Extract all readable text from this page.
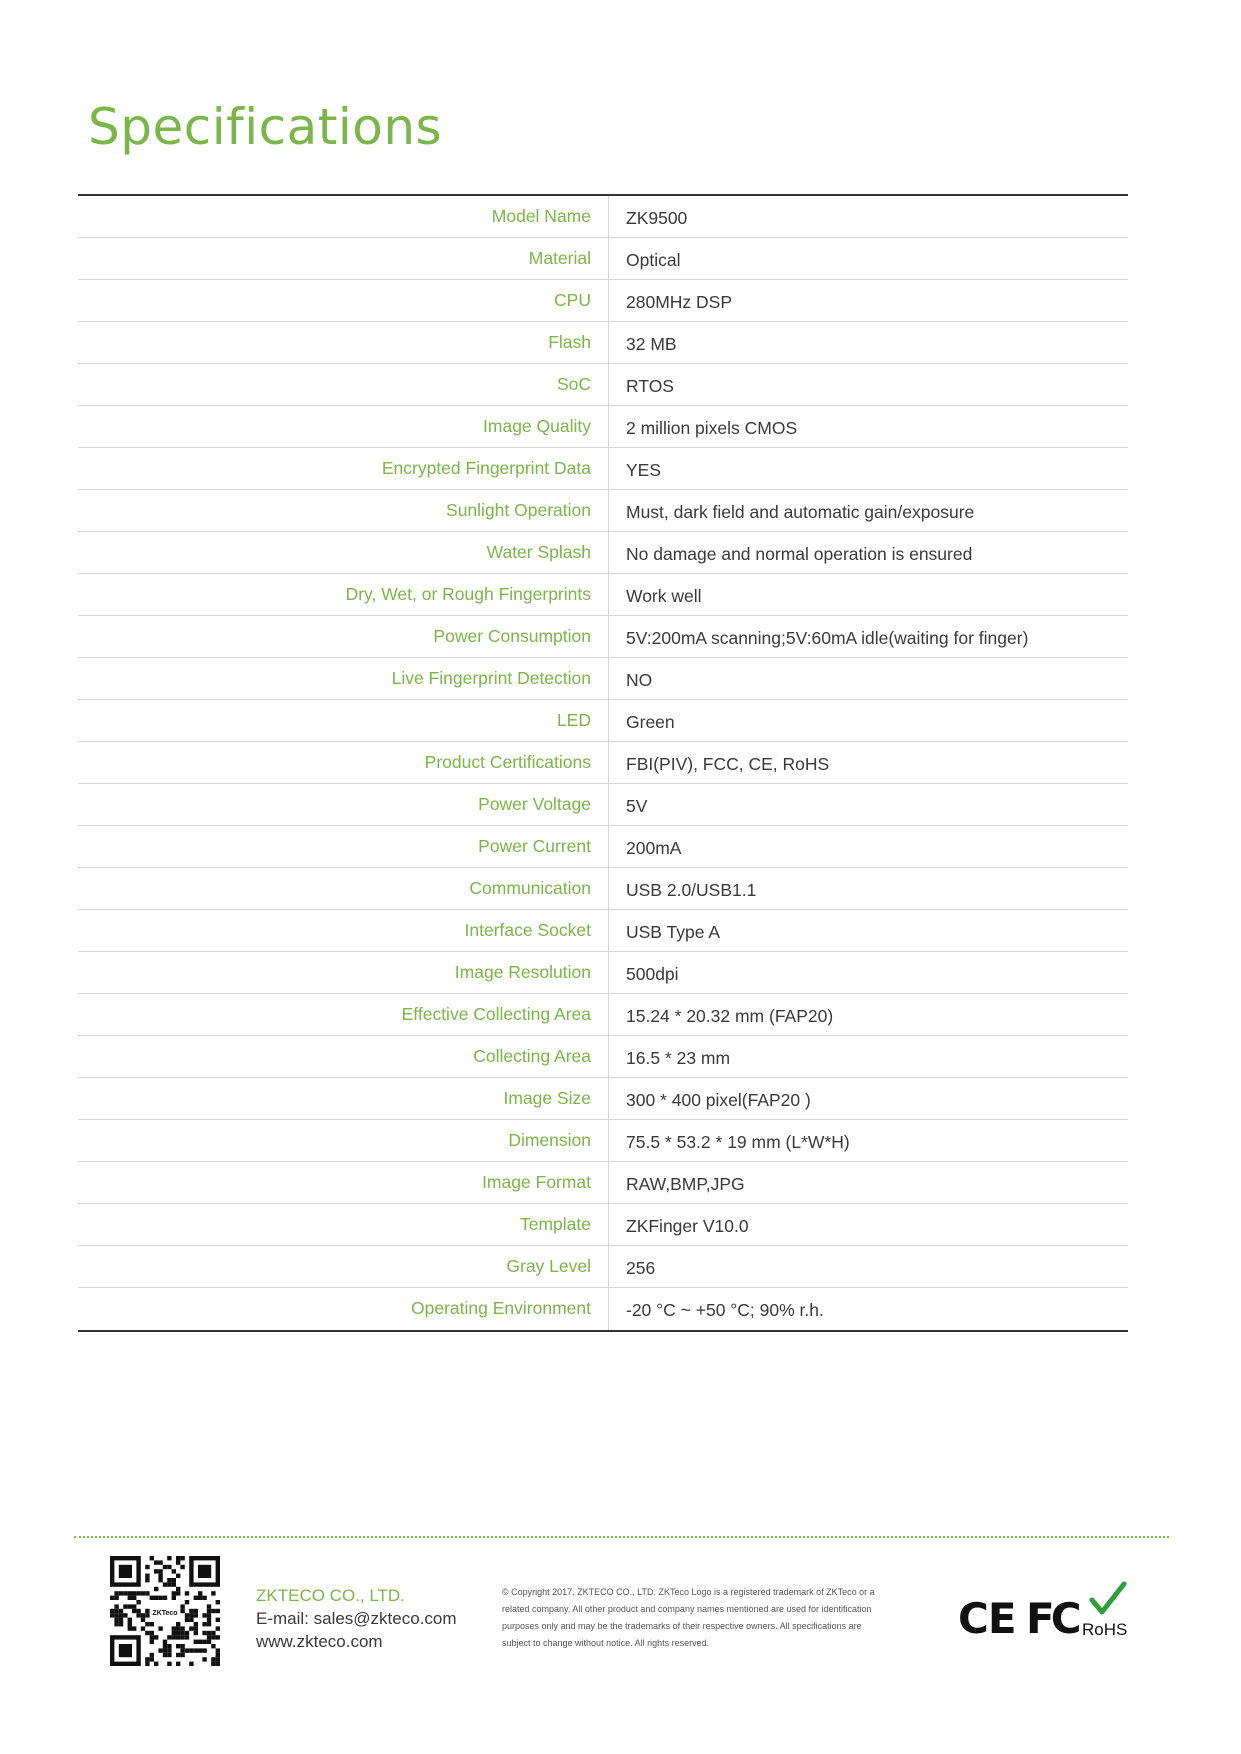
Specifications
Model Name	ZK9500
Material	Optical
CPU	280MHz DSP
Flash	32 MB
SoC	RTOS
Image Quality	2 million pixels CMOS
Encrypted Fingerprint Data	YES
Sunlight Operation	Must, dark field and automatic gain/exposure
Water Splash	No damage and normal operation is ensured
Dry, Wet, or Rough Fingerprints	Work well
Power Consumption	5V:200mA scanning;5V:60mA idle(waiting for finger)
Live Fingerprint Detection	NO
LED	Green
Product Certifications	FBI(PIV), FCC, CE, RoHS
Power Voltage	5V
Power Current	200mA
Communication	USB 2.0/USB1.1
Interface Socket	USB Type A
Image Resolution	500dpi
Effective Collecting Area	15.24 * 20.32 mm (FAP20)
Collecting Area	16.5 * 23 mm
Image Size	300 * 400 pixel(FAP20 )
Dimension	75.5 * 53.2 * 19 mm (L*W*H)
Image Format	RAW,BMP,JPG
Template	ZKFinger V10.0
Gray Level	256
Operating Environment	-20 °C ~ +50 °C; 90% r.h.
ZKTeco
ZKTECO CO., LTD.
E-mail: sales@zkteco.com
www.zkteco.com
© Copyright 2017. ZKTECO CO., LTD. ZKTeco Logo is a registered trademark of ZKTeco or a
related company. All other product and company names mentioned are used for identification
purposes only and may be the trademarks of their respective owners. All specifications are
subject to change without notice. All rights reserved.	CE FC RoHS
